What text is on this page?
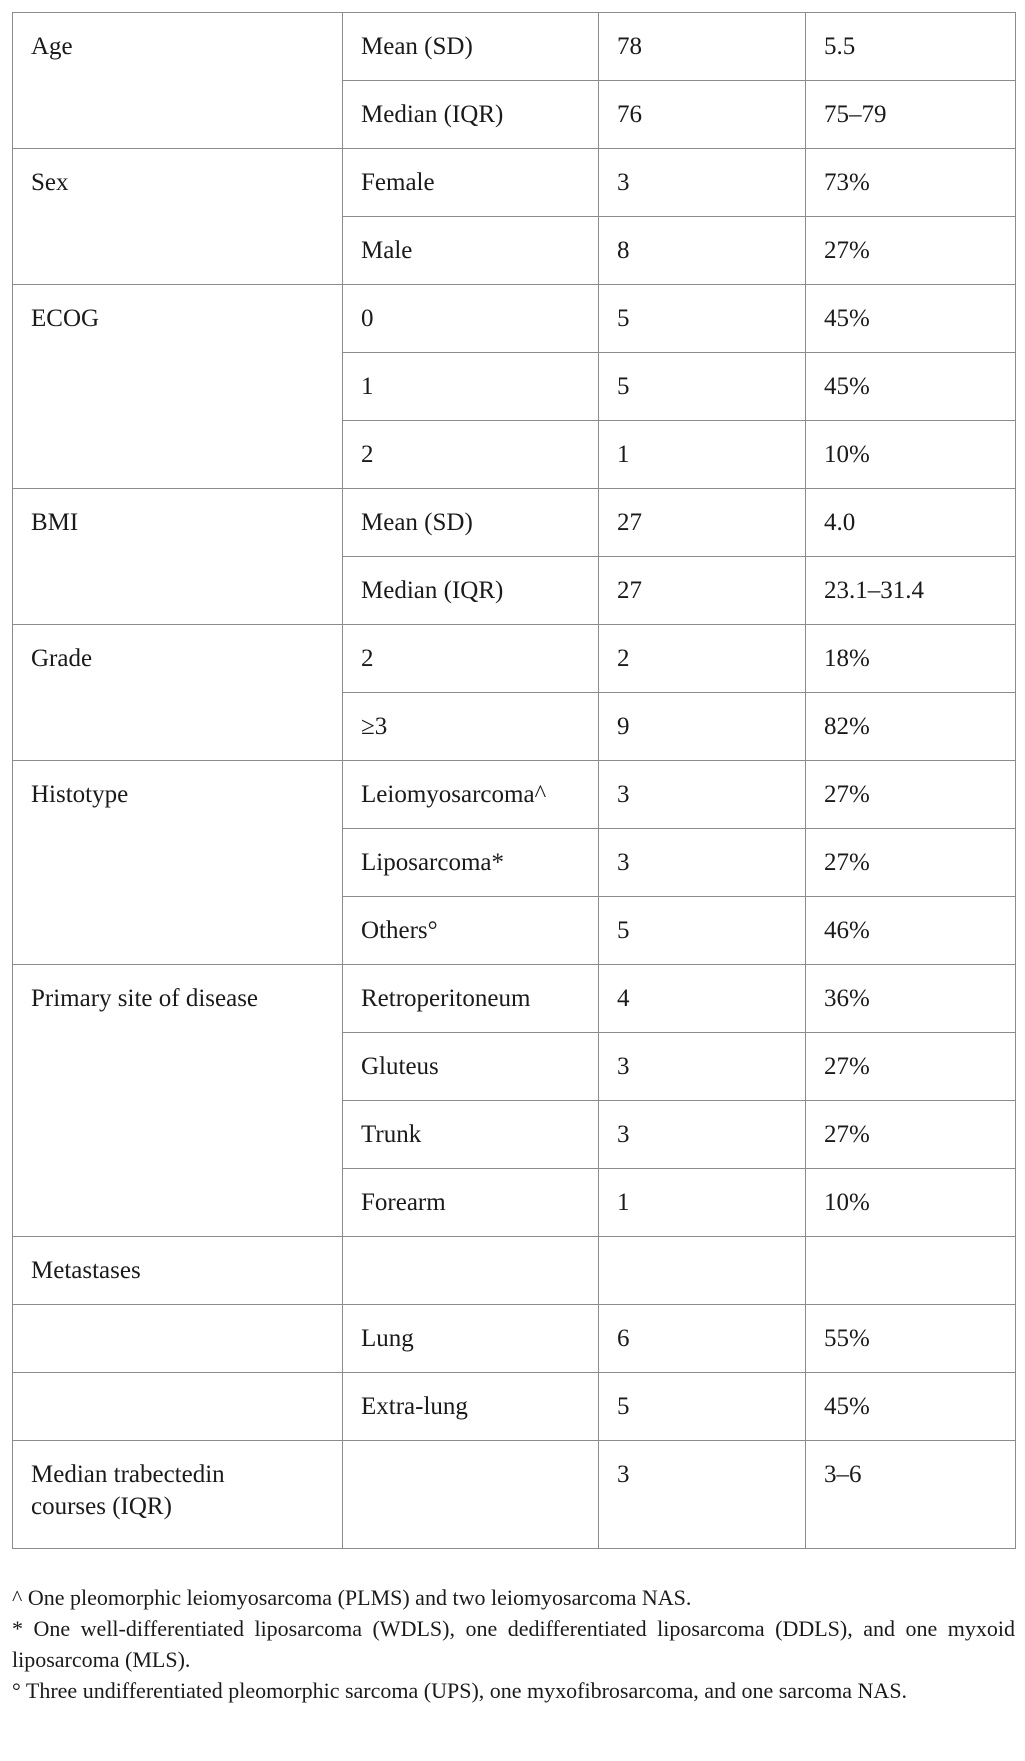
Age	Mean (SD)	78	5.5
	Median (IQR)	76	75–79
Sex	Female	3	73%
	Male	8	27%
ECOG	0	5	45%
	1	5	45%
	2	1	10%
BMI	Mean (SD)	27	4.0
	Median (IQR)	27	23.1–31.4
Grade	2	2	18%
	≥3	9	82%
Histotype	Leiomyosarcoma^	3	27%
	Liposarcoma*	3	27%
	Others°	5	46%
Primary site of disease	Retroperitoneum	4	36%
	Gluteus	3	27%
	Trunk	3	27%
	Forearm	1	10%
Metastases			
	Lung	6	55%
	Extra-lung	5	45%
Median trabectedin
courses (IQR)		3	3–6

^ One pleomorphic leiomyosarcoma (PLMS) and two leiomyosarcoma NAS.

* One well-differentiated liposarcoma (WDLS), one dedifferentiated liposarcoma (DDLS), and one myxoid liposarcoma (MLS).

° Three undifferentiated pleomorphic sarcoma (UPS), one myxofibrosarcoma, and one sarcoma NAS.
